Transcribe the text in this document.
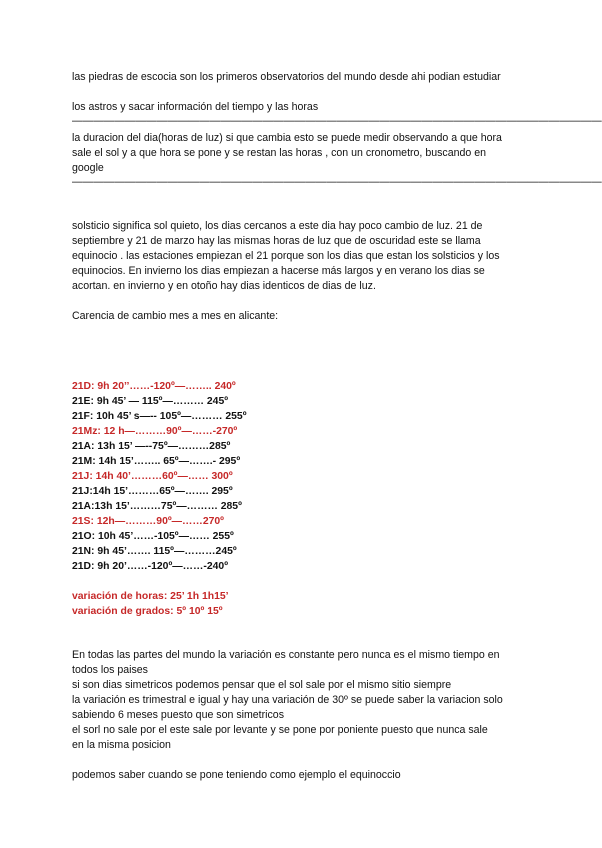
las piedras de escocia son los primeros observatorios del mundo desde ahi podian estudiar
los astros y sacar información del tiempo y las horas
——————————————————————————————————————————————————
la duracion del dia(horas de luz) si que cambia esto se puede medir observando a que hora
sale el sol y a que hora se pone y se restan las horas , con un cronometro, buscando en
google
——————————————————————————————————————————————————
solsticio significa sol quieto, los dias cercanos a este dia hay poco cambio de luz. 21 de
septiembre y 21 de marzo hay las mismas horas de luz que de oscuridad este se llama
equinocio . las estaciones empiezan el 21 porque son los dias que estan los solsticios y los
equinocios. En invierno los dias empiezan a hacerse más largos y en verano los dias se
acortan. en invierno y en otoño hay dias identicos de dias de luz.
Carencia de cambio mes a mes en alicante:
21D: 9h 20’’……-120º—…….. 240º
21E: 9h 45’ — 115º—……… 245º
21F: 10h 45’ s—-- 105º—……… 255º
21Mz: 12 h—………90º—……-270º
21A: 13h 15’ —--75º—………285º
21M: 14h 15’…….. 65º—…….- 295º
21J: 14h 40’………60º—…… 300º
21J:14h 15’………65º—……. 295º
21A:13h 15’………75º—……… 285º
21S: 12h—………90º—……270º
21O: 10h 45’……-105º—…… 255º
21N: 9h 45’……. 115º—………245º
21D: 9h 20’……-120º—……-240º
variación de horas: 25’ 1h 1h15’
variación de grados: 5º 10º 15º
En todas las partes del mundo la variación es constante pero nunca es el mismo tiempo en
todos los paises
si son dias simetricos podemos pensar que el sol sale por el mismo sitio siempre
la variación es trimestral e igual y hay una variación de 30º se puede saber la variacion solo
sabiendo 6 meses puesto que son simetricos
el sorl no sale por el este sale por levante y se pone por poniente puesto que nunca sale
en la misma posicion
podemos saber cuando se pone teniendo como ejemplo el equinoccio
